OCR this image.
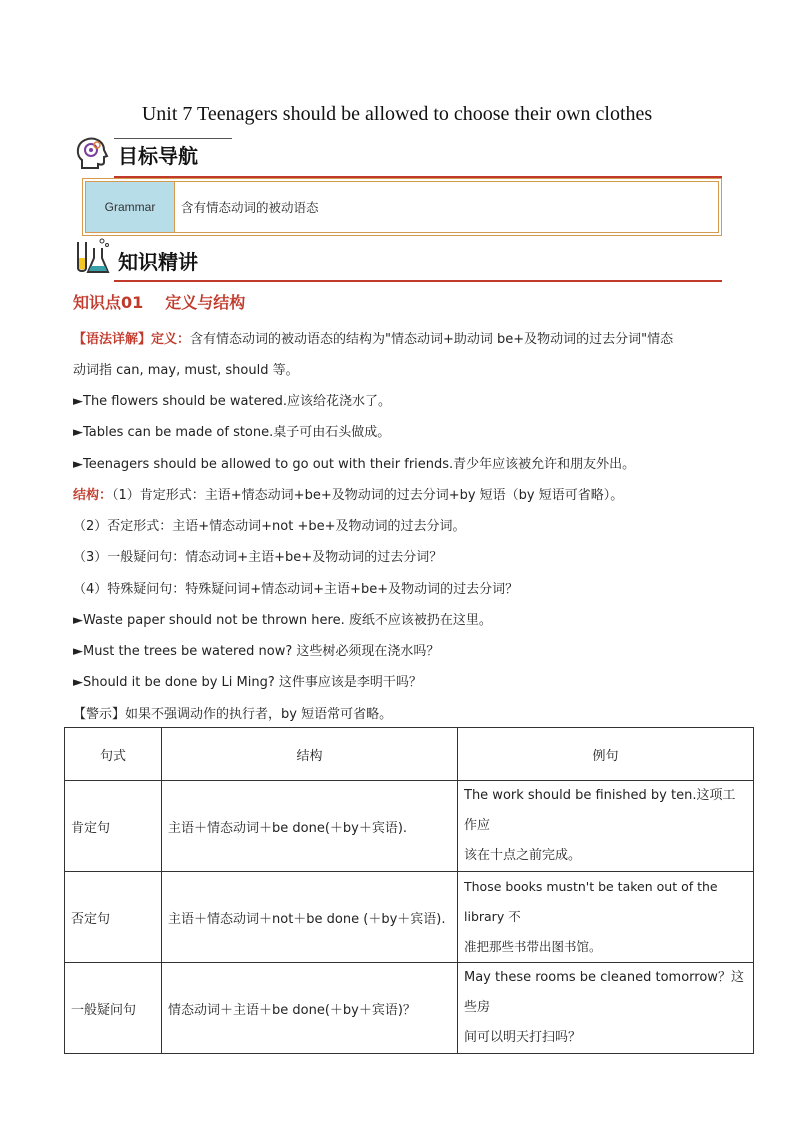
Unit 7 Teenagers should be allowed to choose their own clothes
目标导航
Grammar	含有情态动词的被动语态
知识精讲
知识点01 定义与结构
【语法详解】定义：含有情态动词的被动语态的结构为"情态动词+助动词 be+及物动词的过去分词"情态
动词指 can, may, must, should 等。
►The flowers should be watered.应该给花浇水了。
►Tables can be made of stone.桌子可由石头做成。
►Teenagers should be allowed to go out with their friends.青少年应该被允许和朋友外出。
结构：（1）肯定形式：主语+情态动词+be+及物动词的过去分词+by 短语（by 短语可省略）。
（2）否定形式：主语+情态动词+not +be+及物动词的过去分词。
（3）一般疑问句：情态动词+主语+be+及物动词的过去分词？
（4）特殊疑问句：特殊疑问词+情态动词+主语+be+及物动词的过去分词？
►Waste paper should not be thrown here. 废纸不应该被扔在这里。
►Must the trees be watered now? 这些树必须现在浇水吗？
►Should it be done by Li Ming? 这件事应该是李明干吗？
【警示】如果不强调动作的执行者，by 短语常可省略。
句式	结构	例句
肯定句	主语＋情态动词＋be done(＋by＋宾语).	The work should be finished by ten.这项工作应
该在十点之前完成。

否定句	主语＋情态动词＋not＋be done (＋by＋宾语).	Those books mustn't be taken out of the library 不
准把那些书带出图书馆。

一般疑问句	情态动词＋主语＋be done(＋by＋宾语)？	May these rooms be cleaned tomorrow？这些房
间可以明天打扫吗？
